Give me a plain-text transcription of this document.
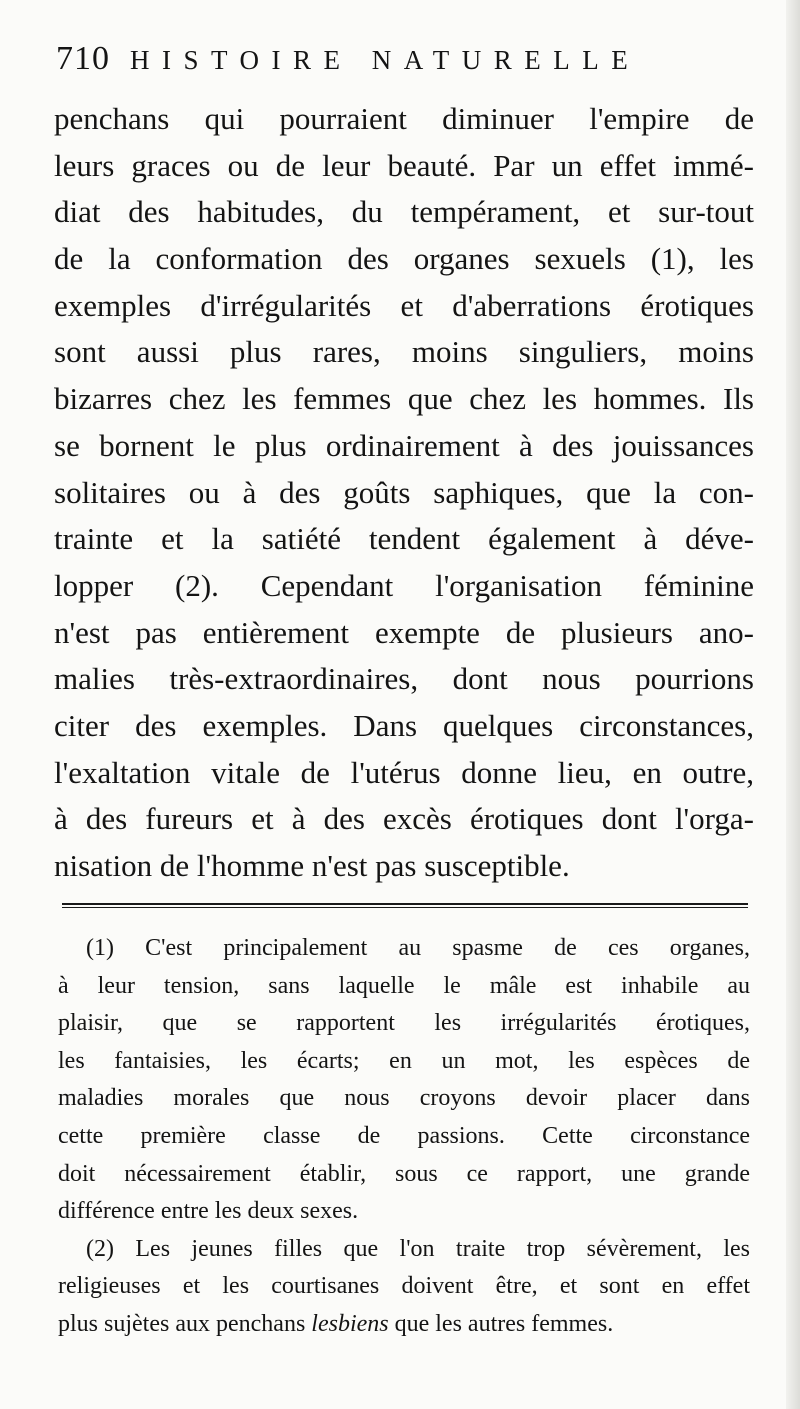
710 HISTOIRE NATURELLE
penchans qui pourraient diminuer l'empire de
leurs graces ou de leur beauté. Par un effet immé-
diat des habitudes, du tempérament, et sur-tout
de la conformation des organes sexuels (1), les
exemples d'irrégularités et d'aberrations érotiques
sont aussi plus rares, moins singuliers, moins
bizarres chez les femmes que chez les hommes. Ils
se bornent le plus ordinairement à des jouissances
solitaires ou à des goûts saphiques, que la con-
trainte et la satiété tendent également à déve-
lopper (2). Cependant l'organisation féminine
n'est pas entièrement exempte de plusieurs ano-
malies très-extraordinaires, dont nous pourrions
citer des exemples. Dans quelques circonstances,
l'exaltation vitale de l'utérus donne lieu, en outre,
à des fureurs et à des excès érotiques dont l'orga-
nisation de l'homme n'est pas susceptible.
(1) C'est principalement au spasme de ces organes,
à leur tension, sans laquelle le mâle est inhabile au
plaisir, que se rapportent les irrégularités érotiques,
les fantaisies, les écarts; en un mot, les espèces de
maladies morales que nous croyons devoir placer dans
cette première classe de passions. Cette circonstance
doit nécessairement établir, sous ce rapport, une grande
différence entre les deux sexes.
(2) Les jeunes filles que l'on traite trop sévèrement, les
religieuses et les courtisanes doivent être, et sont en effet
plus sujètes aux penchans lesbiens que les autres femmes.
